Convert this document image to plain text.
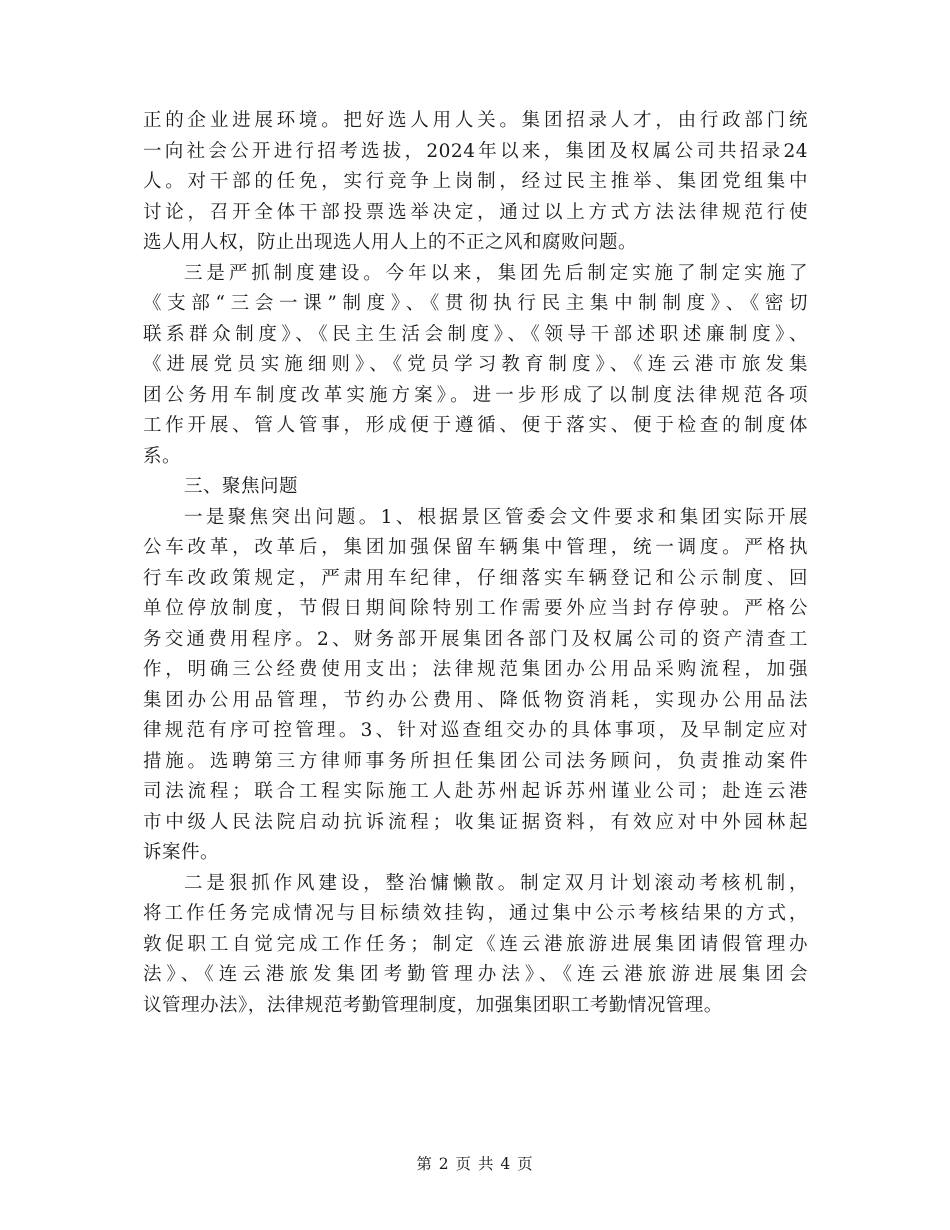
正的企业进展环境。把好选人用人关。集团招录人才，由行政部门统
一向社会公开进行招考选拔，2024年以来，集团及权属公司共招录24
人。对干部的任免，实行竞争上岗制，经过民主推举、集团党组集中
讨论，召开全体干部投票选举决定，通过以上方式方法法律规范行使
选人用人权，防止出现选人用人上的不正之风和腐败问题。
三是严抓制度建设。今年以来，集团先后制定实施了制定实施了
《支部“三会一课”制度》、《贯彻执行民主集中制制度》、《密切
联系群众制度》、《民主生活会制度》、《领导干部述职述廉制度》、
《进展党员实施细则》、《党员学习教育制度》、《连云港市旅发集
团公务用车制度改革实施方案》。进一步形成了以制度法律规范各项
工作开展、管人管事，形成便于遵循、便于落实、便于检查的制度体
系。
三、聚焦问题
一是聚焦突出问题。1、根据景区管委会文件要求和集团实际开展
公车改革，改革后，集团加强保留车辆集中管理，统一调度。严格执
行车改政策规定，严肃用车纪律，仔细落实车辆登记和公示制度、回
单位停放制度，节假日期间除特别工作需要外应当封存停驶。严格公
务交通费用程序。2、财务部开展集团各部门及权属公司的资产清查工
作，明确三公经费使用支出；法律规范集团办公用品采购流程，加强
集团办公用品管理，节约办公费用、降低物资消耗，实现办公用品法
律规范有序可控管理。3、针对巡查组交办的具体事项，及早制定应对
措施。选聘第三方律师事务所担任集团公司法务顾问，负责推动案件
司法流程；联合工程实际施工人赴苏州起诉苏州谨业公司；赴连云港
市中级人民法院启动抗诉流程；收集证据资料，有效应对中外园林起
诉案件。
二是狠抓作风建设，整治慵懒散。制定双月计划滚动考核机制，
将工作任务完成情况与目标绩效挂钩，通过集中公示考核结果的方式，
敦促职工自觉完成工作任务；制定《连云港旅游进展集团请假管理办
法》、《连云港旅发集团考勤管理办法》、《连云港旅游进展集团会
议管理办法》，法律规范考勤管理制度，加强集团职工考勤情况管理。
第 2 页 共 4 页
